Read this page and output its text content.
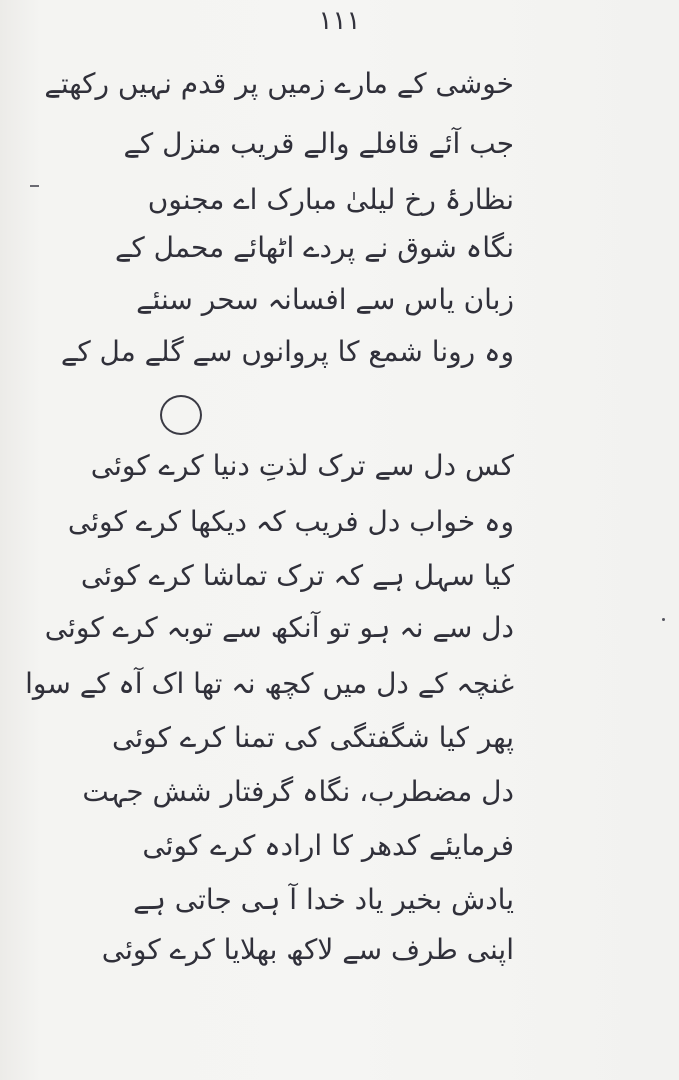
۱۱۱
خوشی کے مارے زمیں پر قدم نہیں رکھتے
جب آئے قافلے والے قریب منزل کے
نظارۂ رخ لیلیٰ مبارک اے مجنوں
نگاہ شوق نے پردے اٹھائے محمل کے
زبان یاس سے افسانہ سحر سنئے
وہ رونا شمع کا پروانوں سے گلے مل کے
کس دل سے ترک لذتِ دنیا کرے کوئی
وہ خواب دل فریب کہ دیکھا کرے کوئی
کیا سہل ہے کہ ترک تماشا کرے کوئی
دل سے نہ ہو تو آنکھ سے توبہ کرے کوئی
غنچہ کے دل میں کچھ نہ تھا اک آہ کے سوا
پھر کیا شگفتگی کی تمنا کرے کوئی
دل مضطرب، نگاہ گرفتار شش جہت
فرمایئے کدھر کا ارادہ کرے کوئی
یادش بخیر یاد خدا آ ہی جاتی ہے
اپنی طرف سے لاکھ بھلایا کرے کوئی
